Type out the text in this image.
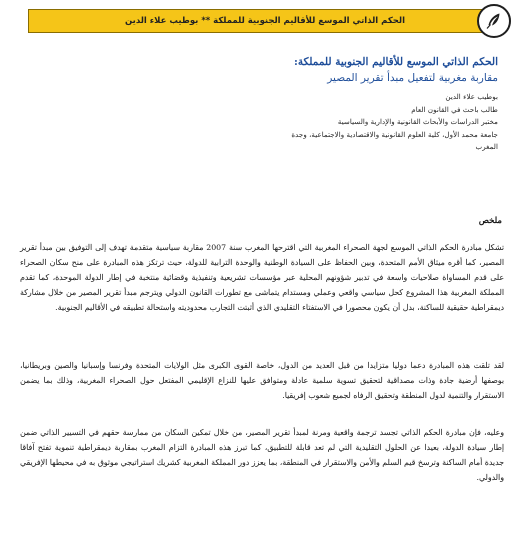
الحكم الذاتي الموسع للأقاليم الجنوبية للمملكة ** بوطيب علاء الدين
الحكم الذاتي الموسع للأقاليم الجنوبية للمملكة:
مقاربة مغربية لتفعيل مبدأ تقرير المصير
بوطيب علاء الدين
طالب باحث في القانون العام
مختبر الدراسات والأبحاث القانونية والإدارية والسياسية
جامعة محمد الأول، كلية العلوم القانونية والاقتصادية والاجتماعية، وجدة
المغرب
ملخص

تشكل مبادرة الحكم الذاتي الموسع لجهة الصحراء المغربية التي اقترحها المغرب سنة 2007 مقاربة سياسية متقدمة تهدف إلى التوفيق بين مبدأ تقرير المصير، كما أقره ميثاق الأمم المتحدة، وبين الحفاظ على السيادة الوطنية والوحدة الترابية للدولة، حيث ترتكز هذه المبادرة على منح سكان الصحراء على قدم المساواة صلاحيات واسعة في تدبير شؤونهم المحلية عبر مؤسسات تشريعية وتنفيذية وقضائية منتخبة في إطار الدولة الموحدة، كما تقدم المملكة المغربية هذا المشروع كحل سياسي واقعي وعملي ومستدام يتماشى مع تطورات القانون الدولي ويترجم مبدأ تقرير المصير من خلال مشاركة ديمقراطية حقيقية للساكنة، بدل أن يكون محصورا في الاستفتاء التقليدي الذي أثبتت التجارب محدوديته واستحالة تطبيقه في الأقاليم الجنوبية.

لقد تلقت هذه المبادرة دعما دوليا متزايدا من قبل العديد من الدول، خاصة القوى الكبرى مثل الولايات المتحدة وفرنسا وإسبانيا والصين وبريطانيا، بوصفها أرضية جادة وذات مصداقية لتحقيق تسوية سلمية عادلة ومتوافق عليها للنزاع الإقليمي المفتعل حول الصحراء المغربية، وذلك بما يضمن الاستقرار والتنمية لدول المنطقة وتحقيق الرفاه لجميع شعوب إفريقيا.

وعليه، فإن مبادرة الحكم الذاتي تجسد ترجمة واقعية ومرنة لمبدأ تقرير المصير، من خلال تمكين السكان من ممارسة حقهم في التسيير الذاتي ضمن إطار سيادة الدولة، بعيدا عن الحلول التقليدية التي لم تعد قابلة للتطبيق، كما تبرز هذه المبادرة التزام المغرب بمقاربة ديمقراطية تنموية تفتح آفاقا جديدة أمام الساكنة وترسخ قيم السلم والأمن والاستقرار في المنطقة، بما يعزز دور المملكة المغربية كشريك استراتيجي موثوق به في محيطها الإفريقي والدولي.
